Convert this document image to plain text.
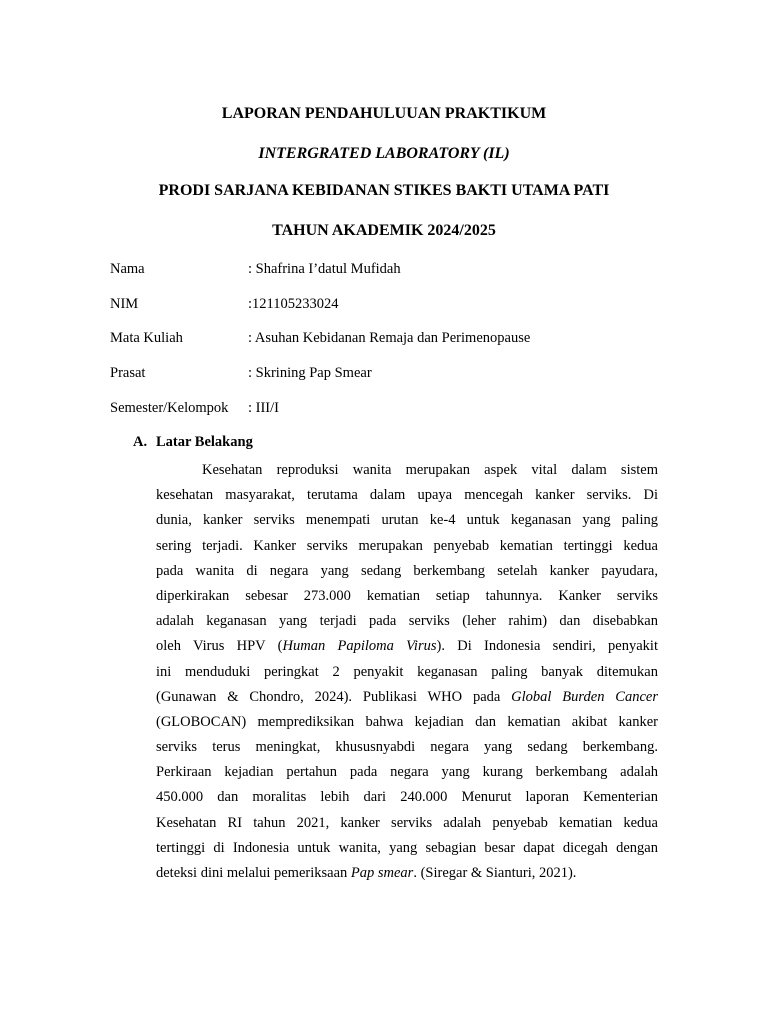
LAPORAN PENDAHULUUAN PRAKTIKUM
INTERGRATED LABORATORY (IL)
PRODI SARJANA KEBIDANAN STIKES BAKTI UTAMA PATI
TAHUN AKADEMIK 2024/2025
Nama	: Shafrina I’datul Mufidah
NIM	:121105233024
Mata Kuliah	: Asuhan Kebidanan Remaja dan Perimenopause
Prasat	: Skrining Pap Smear
Semester/Kelompok : III/I
A. Latar Belakang
Kesehatan reproduksi wanita merupakan aspek vital dalam sistem
kesehatan masyarakat, terutama dalam upaya mencegah kanker serviks. Di
dunia, kanker serviks menempati urutan ke-4 untuk keganasan yang paling
sering terjadi. Kanker serviks merupakan penyebab kematian tertinggi kedua
pada wanita di negara yang sedang berkembang setelah kanker payudara,
diperkirakan sebesar 273.000 kematian setiap tahunnya. Kanker serviks
adalah keganasan yang terjadi pada serviks (leher rahim) dan disebabkan
oleh Virus HPV (Human Papiloma Virus). Di Indonesia sendiri, penyakit
ini menduduki peringkat 2 penyakit keganasan paling banyak ditemukan
(Gunawan & Chondro, 2024). Publikasi WHO pada Global Burden Cancer
(GLOBOCAN) memprediksikan bahwa kejadian dan kematian akibat kanker
serviks terus meningkat, khususnyabdi negara yang sedang berkembang.
Perkiraan kejadian pertahun pada negara yang kurang berkembang adalah
450.000 dan moralitas lebih dari 240.000 Menurut laporan Kementerian
Kesehatan RI tahun 2021, kanker serviks adalah penyebab kematian kedua
tertinggi di Indonesia untuk wanita, yang sebagian besar dapat dicegah dengan
deteksi dini melalui pemeriksaan Pap smear. (Siregar & Sianturi, 2021).
